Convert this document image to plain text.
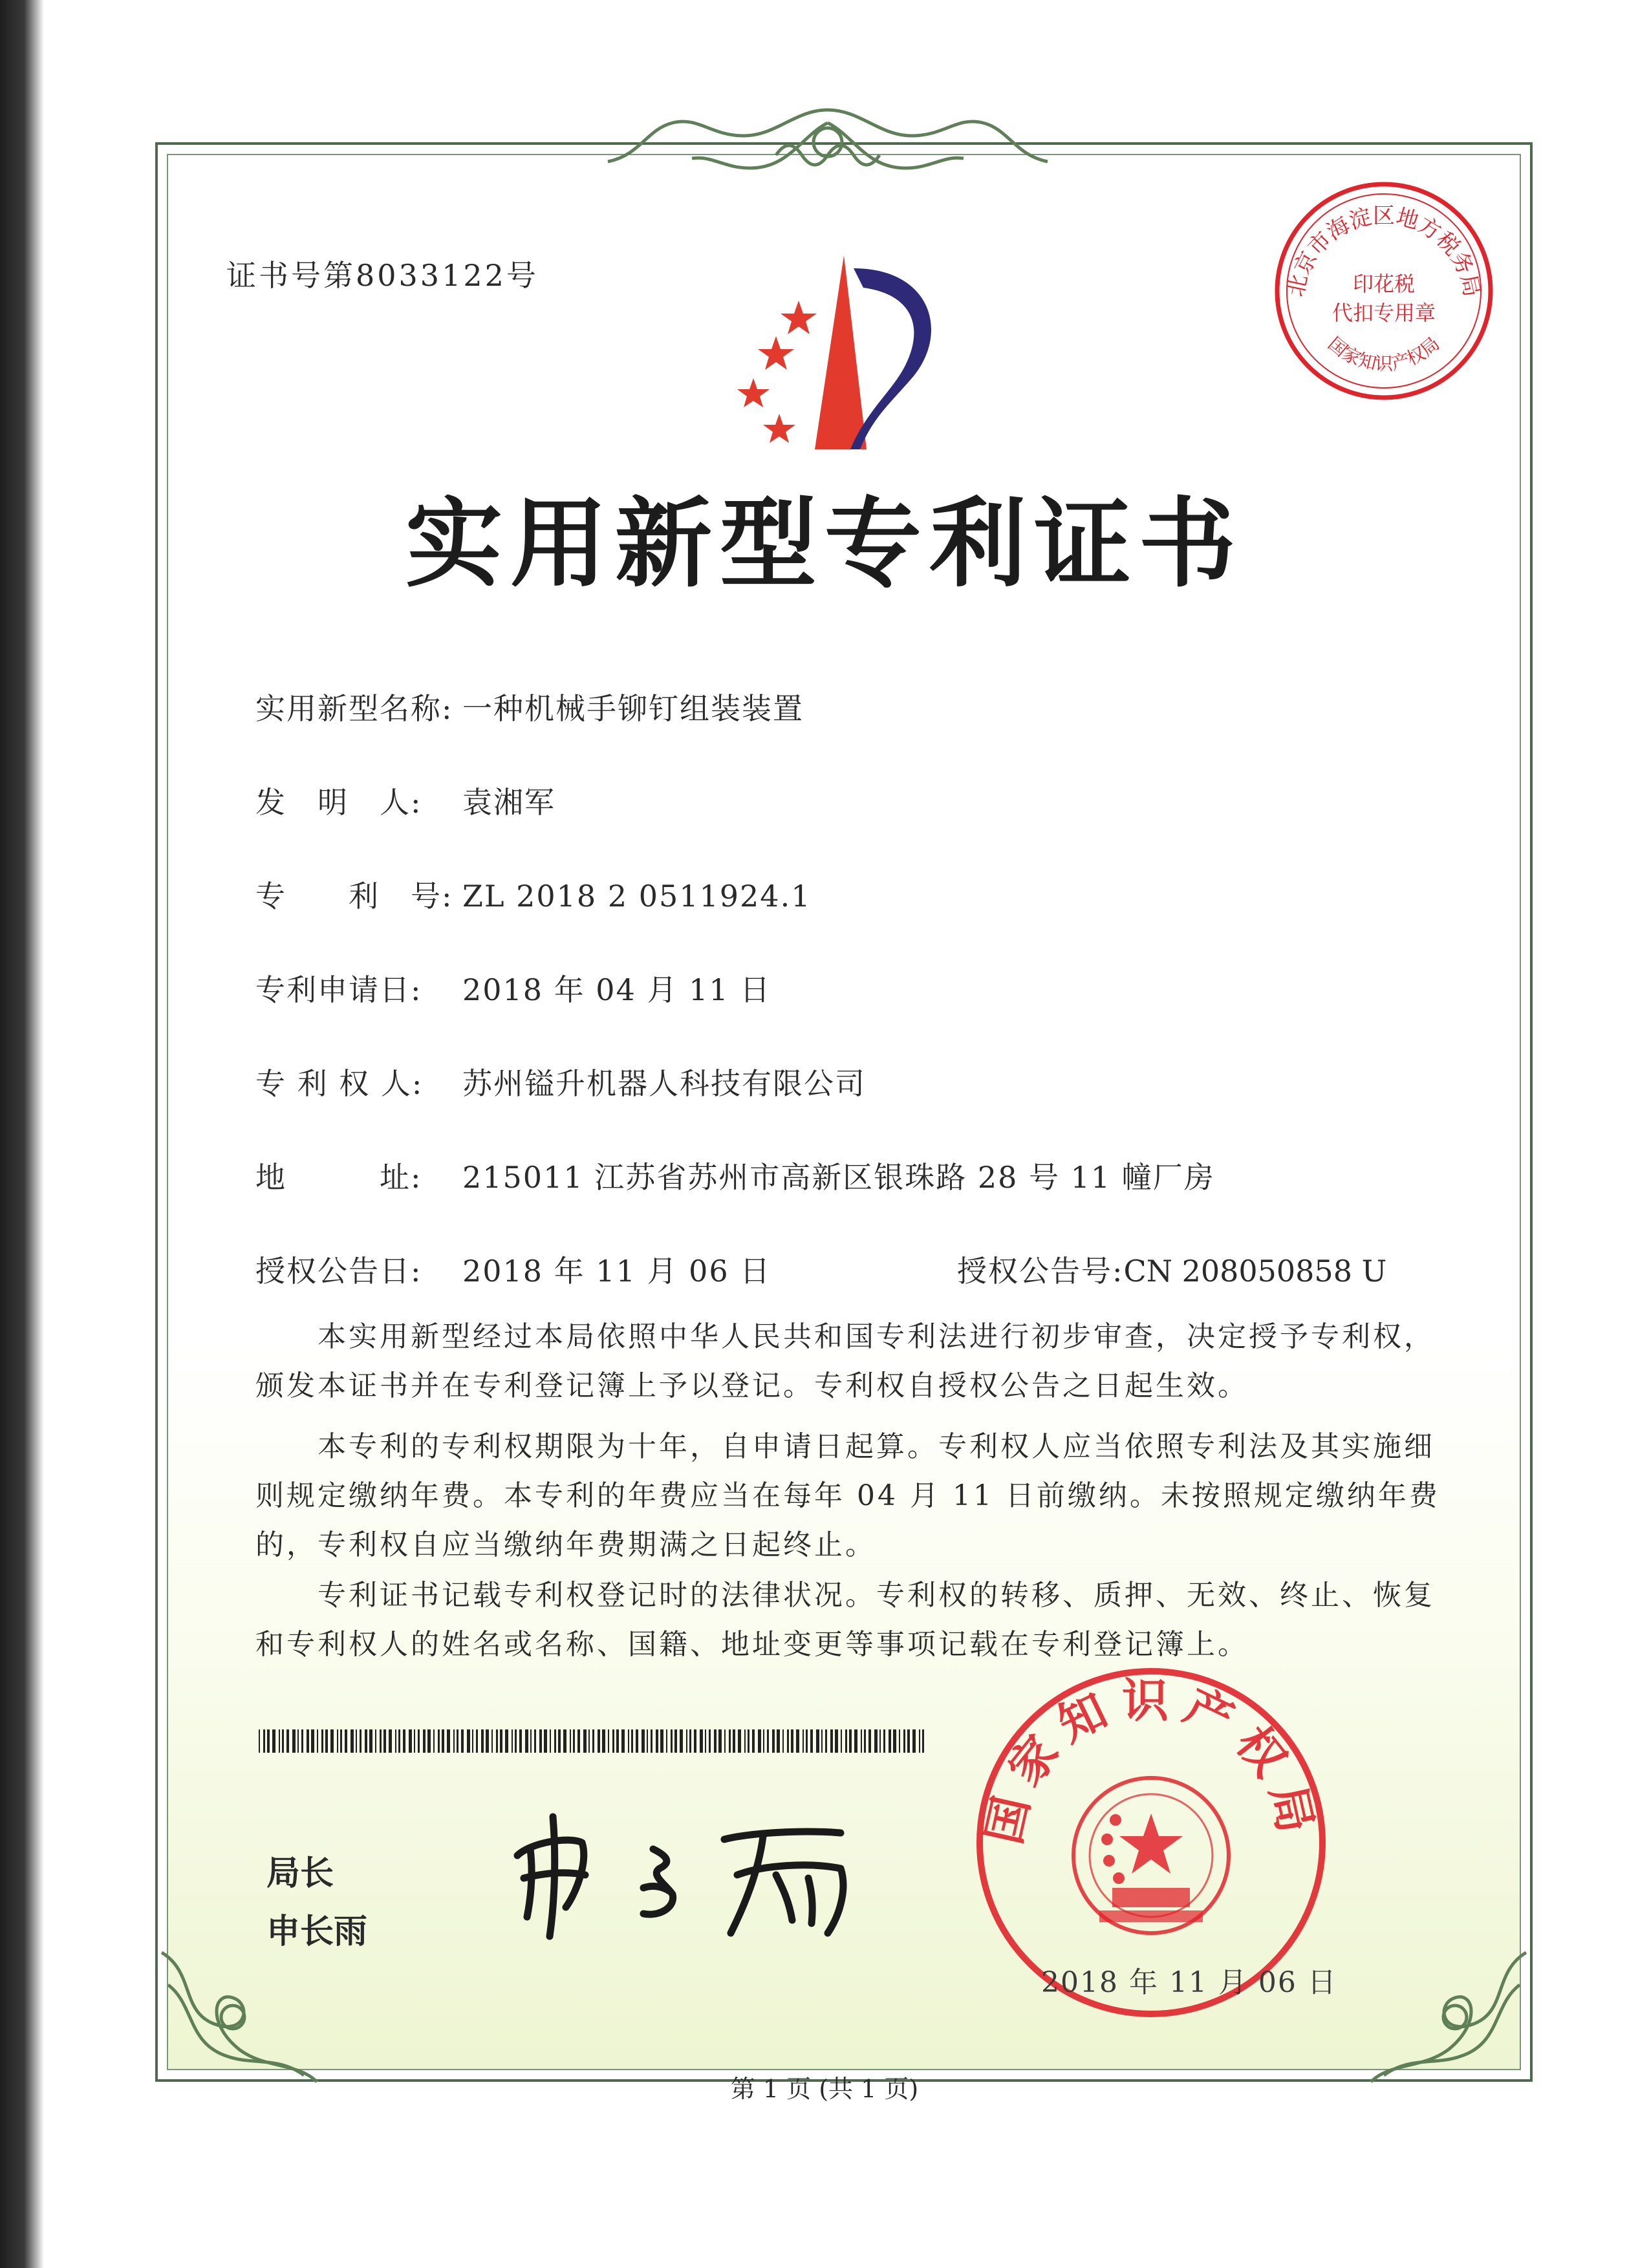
北京市海淀区地方税务局
国家知识产权局
印花税
代扣专用章
证书号第8033122号
实用新型专利证书
实用新型名称: 一种机械手铆钉组装装置
发　明　人: 袁湘军
专　　利　号: ZL 2018 2 0511924.1
专利申请日: 2018 年 04 月 11 日
专 利 权 人: 苏州镒升机器人科技有限公司
地　　　址: 215011 江苏省苏州市高新区银珠路 28 号 11 幢厂房
授权公告日: 2018 年 11 月 06 日	授权公告号:CN 208050858 U

本实用新型经过本局依照中华人民共和国专利法进行初步审查，决定授予专利权，颁发本证书并在专利登记簿上予以登记。专利权自授权公告之日起生效。

本专利的专利权期限为十年，自申请日起算。专利权人应当依照专利法及其实施细则规定缴纳年费。本专利的年费应当在每年 04 月 11 日前缴纳。未按照规定缴纳年费的，专利权自应当缴纳年费期满之日起终止。

专利证书记载专利权登记时的法律状况。专利权的转移、质押、无效、终止、恢复和专利权人的姓名或名称、国籍、地址变更等事项记载在专利登记簿上。

局长
申长雨
国家知识产权局
2018 年 11 月 06 日
第 1 页 (共 1 页)
